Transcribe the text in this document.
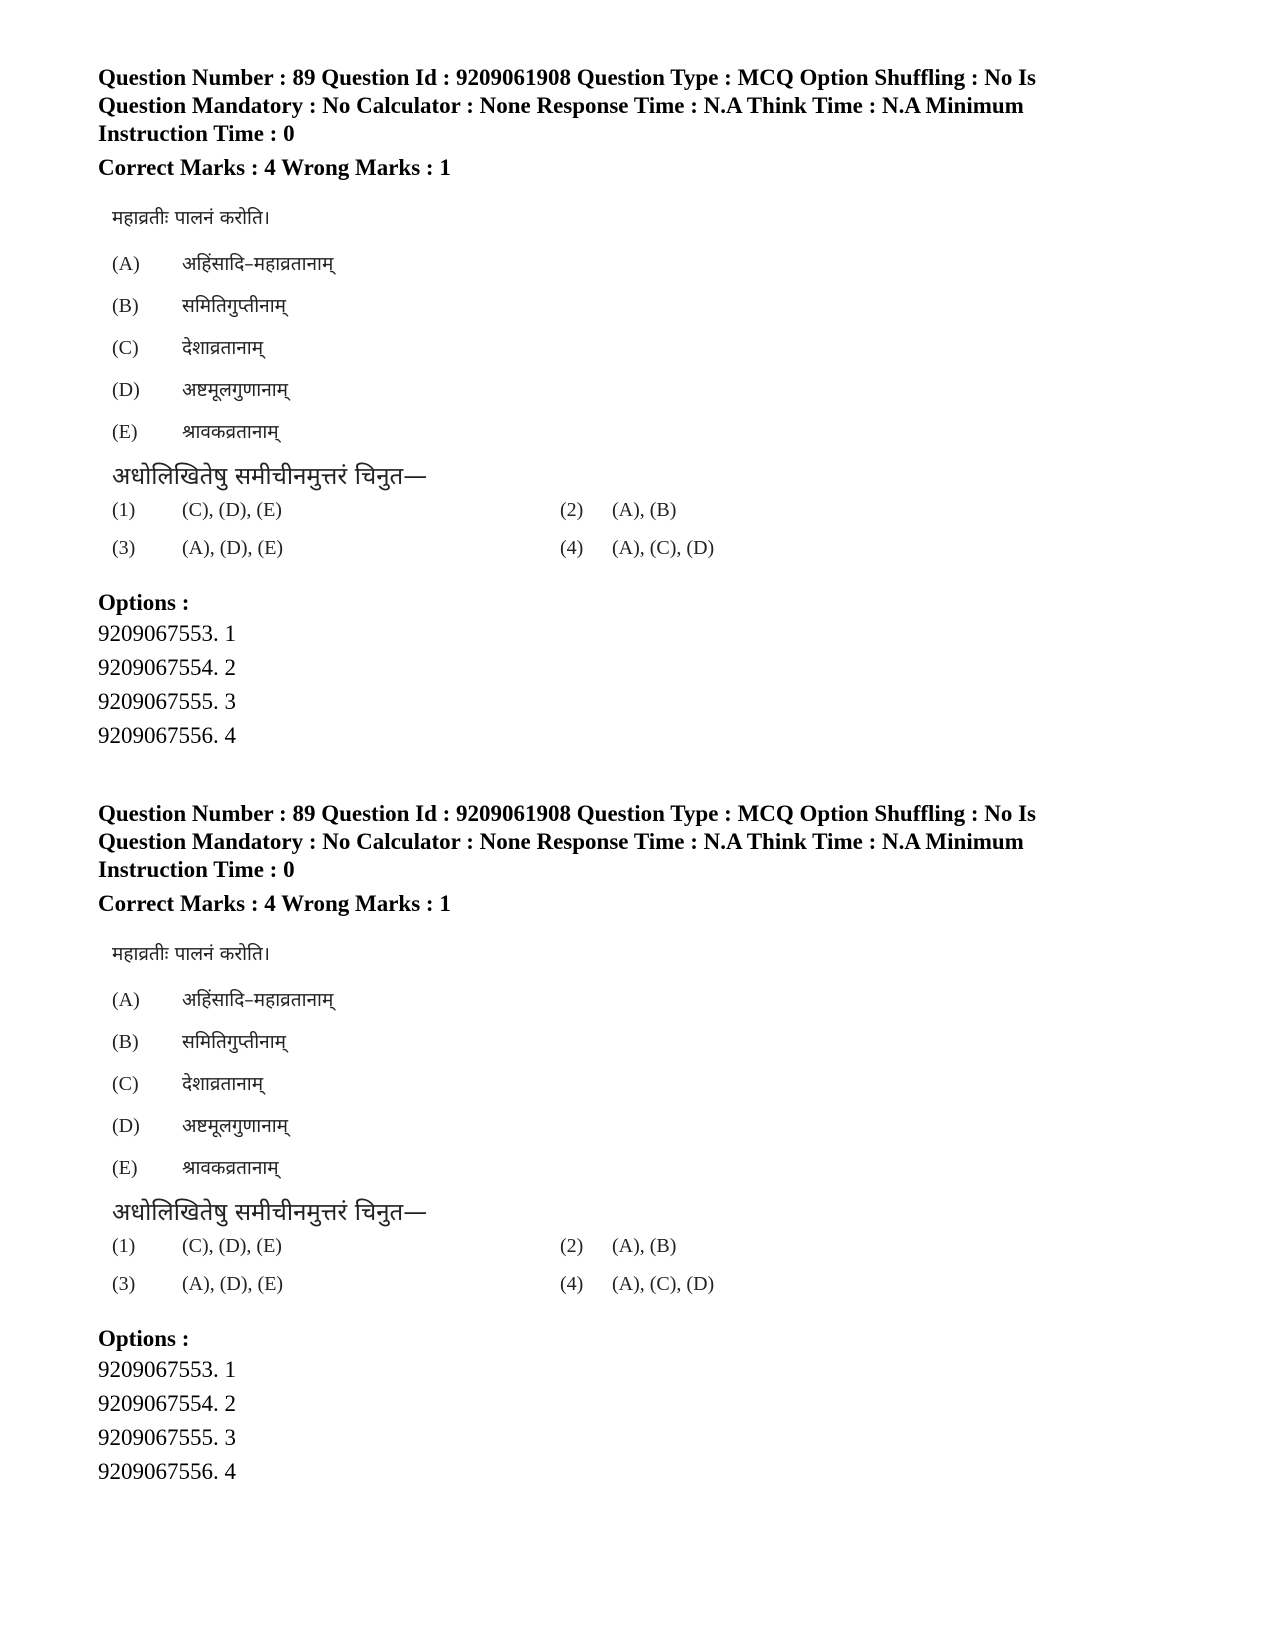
Question Number : 89 Question Id : 9209061908 Question Type : MCQ Option Shuffling : No Is

Question Mandatory : No Calculator : None Response Time : N.A Think Time : N.A Minimum

Instruction Time : 0

Correct Marks : 4 Wrong Marks : 1

महाव्रतीः पालनं करोति।
(A) अहिंसादि–महाव्रतानाम्
(B) समितिगुप्तीनाम्
(C) देशाव्रतानाम्
(D) अष्टमूलगुणानाम्
(E) श्रावकव्रतानाम्
अधोलिखितेषु समीचीनमुत्तरं चिनुत—
(1) (C), (D), (E)	(2) (A), (B)
(3) (A), (D), (E)	(4) (A), (C), (D)

Options :

9209067553. 1

9209067554. 2

9209067555. 3

9209067556. 4

Question Number : 89 Question Id : 9209061908 Question Type : MCQ Option Shuffling : No Is

Question Mandatory : No Calculator : None Response Time : N.A Think Time : N.A Minimum

Instruction Time : 0

Correct Marks : 4 Wrong Marks : 1

महाव्रतीः पालनं करोति।
(A) अहिंसादि–महाव्रतानाम्
(B) समितिगुप्तीनाम्
(C) देशाव्रतानाम्
(D) अष्टमूलगुणानाम्
(E) श्रावकव्रतानाम्
अधोलिखितेषु समीचीनमुत्तरं चिनुत—
(1) (C), (D), (E)	(2) (A), (B)
(3) (A), (D), (E)	(4) (A), (C), (D)

Options :

9209067553. 1

9209067554. 2

9209067555. 3

9209067556. 4
